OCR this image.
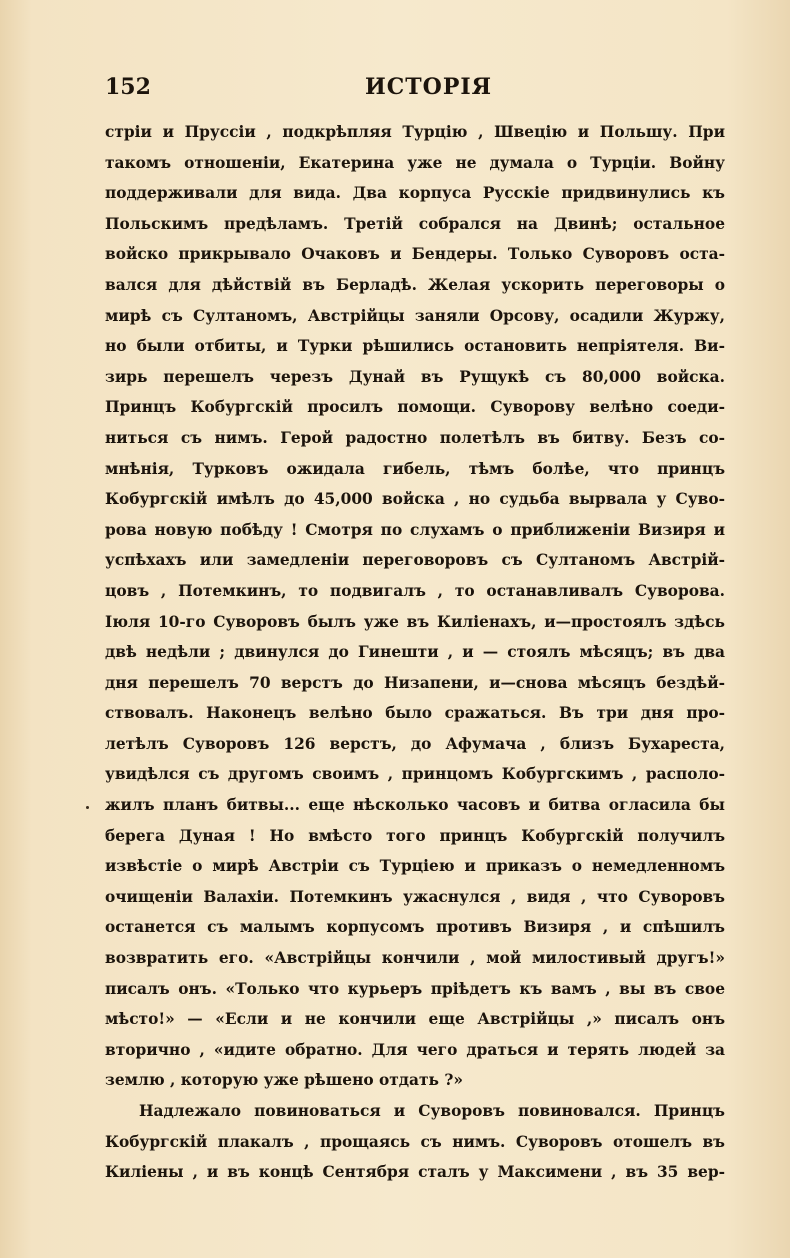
152	ИСТОРІЯ
стріи и Пруссіи , подкрѣпляя Турцію , Швецію и Польшу. При
такомъ отношеніи, Екатерина уже не думала о Турціи. Войну
поддерживали для вида. Два корпуса Русскіе придвинулись къ
Польскимъ предѣламъ. Третій собрался на Двинѣ; остальное
войско прикрывало Очаковъ и Бендеры. Только Суворовъ оста-
вался для дѣйствій въ Берладѣ. Желая ускорить переговоры о
мирѣ съ Султаномъ, Австрійцы заняли Орсову, осадили Журжу,
но были отбиты, и Турки рѣшились остановить непріятеля. Ви-
зирь перешелъ черезъ Дунай въ Рущукѣ съ 80,000 войска.
Принцъ Кобургскій просилъ помощи. Суворову велѣно соеди-
ниться съ нимъ. Герой радостно полетѣлъ въ битву. Безъ со-
мнѣнія, Турковъ ожидала гибель, тѣмъ болѣе, что принцъ
Кобургскій имѣлъ до 45,000 войска , но судьба вырвала у Суво-
рова новую побѣду ! Смотря по слухамъ о приближеніи Визиря и
успѣхахъ или замедленіи переговоровъ съ Султаномъ Австрій-
цовъ , Потемкинъ, то подвигалъ , то останавливалъ Суворова.
Іюля 10-го Суворовъ былъ уже въ Киліенахъ, и—простоялъ здѣсь
двѣ недѣли ; двинулся до Гинешти , и — стоялъ мѣсяцъ; въ два
дня перешелъ 70 верстъ до Низапени, и—снова мѣсяцъ бездѣй-
ствовалъ. Наконецъ велѣно было сражаться. Въ три дня про-
летѣлъ Суворовъ 126 верстъ, до Афумача , близъ Бухареста,
увидѣлся съ другомъ своимъ , принцомъ Кобургскимъ , располо-
жилъ планъ битвы... еще нѣсколько часовъ и битва огласила бы
берега Дуная ! Но вмѣсто того принцъ Кобургскій получилъ
извѣстіе о мирѣ Австріи съ Турціею и приказъ о немедленномъ
очищеніи Валахіи. Потемкинъ ужаснулся , видя , что Суворовъ
останется съ малымъ корпусомъ противъ Визиря , и спѣшилъ
возвратить его. «Австрійцы кончили , мой милостивый другъ!»
писалъ онъ. «Только что курьеръ пріѣдетъ къ вамъ , вы въ свое
мѣсто!» — «Если и не кончили еще Австрійцы ,» писалъ онъ
вторично , «идите обратно. Для чего драться и терять людей за
землю , которую уже рѣшено отдать ?»
Надлежало повиноваться и Суворовъ повиновался. Принцъ
Кобургскій плакалъ , прощаясь съ нимъ. Суворовъ отошелъ въ
Киліены , и въ концѣ Сентября сталъ у Максимени , въ 35 вер-
